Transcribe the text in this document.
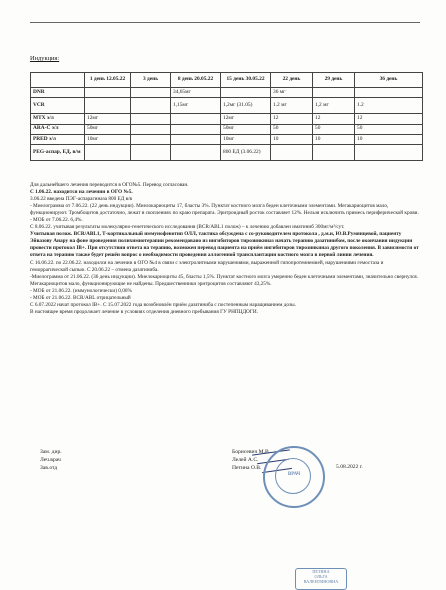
Индукция:
	1 день 12.05.22	3 день	8 день 20.05.22	15 день 30.05.22	22 день	29 день	36 день
DNR			34,65мг		36 мг		
VCR			1,15мг	1,2мг (31.05)	1.2 мг	1,2 мг	1.2
MTX э/л	12мг			12мг	12	12	12
ARA-C э/л	50мг			50мг	50	50	50
PRED э/л	10мг			10мг	10	10	10
PEG-аспар, ЕД, в/м				800 ЕД (3.06.22)			

Для дальнейшего лечения переводится в ОГО№5. Перевод согласован.

С 1.06.22. находится на лечении в ОГО №5.

3.06.22 введена ПЭГ-аспарагиназа 800 ЕД в/в

- Миелограмма от 7.06.22. (22 день индукции). Миелокариоциты 17, бласты 3%. Пунктат костного мозга беден клеточными элементами. Мегакариоцитов мало, функционируют. Тромбоцитов достаточно, лежат в скоплениях по краю препарата. Эритроидный росток составляет 12%. Нельзя исключить примесь периферической крови.

- МОБ от 7.06.22. 6,4%.

С 8.06.22. учитывая результаты молекулярно-генетического исследования (BCR/ABL1 полож) – к лечению добавлен иматиниб 300мг/м²/сут.

Учитывая полож. BCR/ABL1, Т-кортикальный иммунофенотип ОЛЛ, тактика обсуждена с со-руководителем протокола , д.м.н, Ю.В.Румянцевой, пациенту Эйвазову Анару на фоне проведения полихимиотерапии рекомендовано из ингибиторов тирозинкиназ начать терапию дазатинибом, после окончания индукции провести протокол IB+. При отсутствии ответа на терапию, возможен перевод пациента на приём ингибиторов тирозинкиназ другого поколения. В зависимости от ответа на терапию также будет решён вопрос о необходимости проведения аллогенной трансплантации костного мозга в первой линии лечения.

С 16.06.22. по 22.06.22. находился на лечении в ОГО №4 в связи с электролитными нарушениями, выраженной гипопротеинемией, нарушениями гемостаза и геморрагической сыпью. С 20.06.22 – отмена дазатиниба.

-Миелограмма от 21.06.22. (36 день индукции). Миелокариоциты 45, бласты 1,5%. Пунктат костного мозга умеренно беден клеточными элементами, значительно свернулся. Мегакариоцитов мало, функционирующие не найдены. Предшественники эритроцитов составляют 43,25%.

- МОБ от 21.06.22. (иммунологически) 0,06%

- МОБ от 21.06.22. BCR/ABL отрицательный

С 6.07.2022 начат протокол IB+. С 15.07.2022 года возобновлён приём дазатиниба с постепенным наращиванием дозы.

В настоящее время продолжает лечение в условиях отделения дневного пребывания ГУ РНПЦДОГИ.

Зам. дир.
Леч.врач
Зав.отд
Борисевич М.В.
Лелей А.С.
Петина О.В.	5.08.2022 г.
ВРАЧ
ПЕТИНА
ОЛЬГА
ВАЛЕНТИНОВНА
